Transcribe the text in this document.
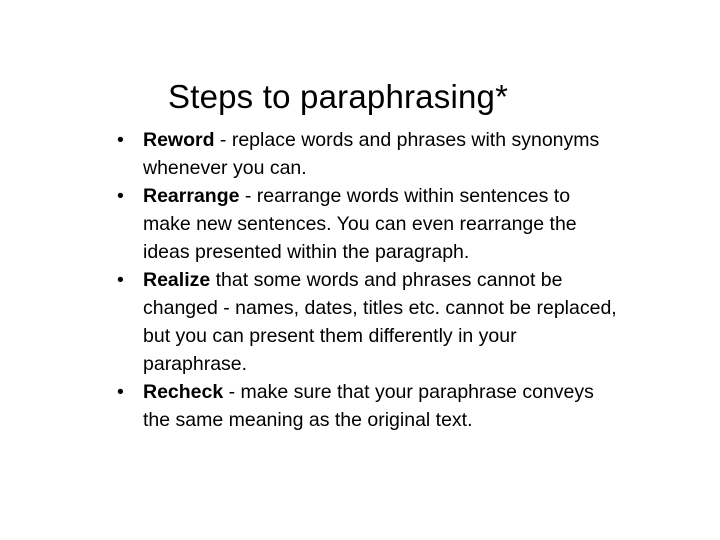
Steps to paraphrasing*
• Reword - replace words and phrases with synonyms whenever you can.
• Rearrange - rearrange words within sentences to make new sentences. You can even rearrange the ideas presented within the paragraph.
• Realize that some words and phrases cannot be changed - names, dates, titles etc. cannot be replaced, but you can present them differently in your paraphrase.
• Recheck - make sure that your paraphrase conveys the same meaning as the original text.
